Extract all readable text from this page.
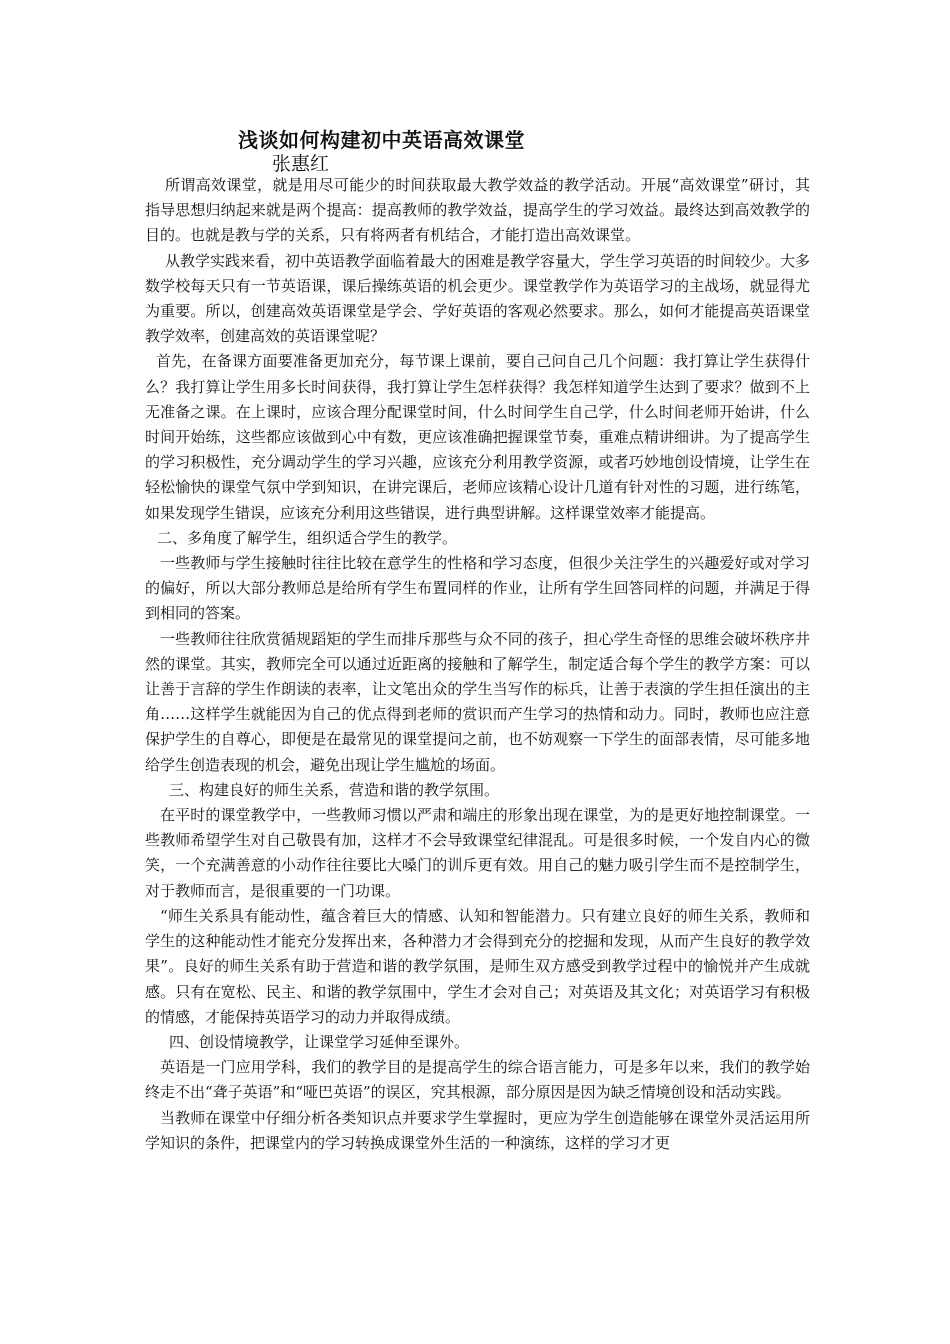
浅谈如何构建初中英语高效课堂
张惠红

所谓高效课堂，就是用尽可能少的时间获取最大教学效益的教学活动。开展“高效课堂”研讨，其指导思想归纳起来就是两个提高：提高教师的教学效益，提高学生的学习效益。最终达到高效教学的目的。也就是教与学的关系，只有将两者有机结合，才能打造出高效课堂。

从教学实践来看，初中英语教学面临着最大的困难是教学容量大，学生学习英语的时间较少。大多数学校每天只有一节英语课，课后操练英语的机会更少。课堂教学作为英语学习的主战场，就显得尤为重要。所以，创建高效英语课堂是学会、学好英语的客观必然要求。那么，如何才能提高英语课堂教学效率，创建高效的英语课堂呢？

首先，在备课方面要准备更加充分，每节课上课前，要自己问自己几个问题：我打算让学生获得什么？我打算让学生用多长时间获得，我打算让学生怎样获得？我怎样知道学生达到了要求？做到不上无准备之课。在上课时，应该合理分配课堂时间，什么时间学生自己学，什么时间老师开始讲，什么时间开始练，这些都应该做到心中有数，更应该准确把握课堂节奏，重难点精讲细讲。为了提高学生的学习积极性，充分调动学生的学习兴趣，应该充分利用教学资源，或者巧妙地创设情境，让学生在轻松愉快的课堂气氛中学到知识，在讲完课后，老师应该精心设计几道有针对性的习题，进行练笔，如果发现学生错误，应该充分利用这些错误，进行典型讲解。这样课堂效率才能提高。

二、多角度了解学生，组织适合学生的教学。

一些教师与学生接触时往往比较在意学生的性格和学习态度，但很少关注学生的兴趣爱好或对学习的偏好，所以大部分教师总是给所有学生布置同样的作业，让所有学生回答同样的问题，并满足于得到相同的答案。

一些教师往往欣赏循规蹈矩的学生而排斥那些与众不同的孩子，担心学生奇怪的思维会破坏秩序井然的课堂。其实，教师完全可以通过近距离的接触和了解学生，制定适合每个学生的教学方案：可以让善于言辞的学生作朗读的表率，让文笔出众的学生当写作的标兵，让善于表演的学生担任演出的主角……这样学生就能因为自己的优点得到老师的赏识而产生学习的热情和动力。同时，教师也应注意保护学生的自尊心，即便是在最常见的课堂提问之前，也不妨观察一下学生的面部表情，尽可能多地给学生创造表现的机会，避免出现让学生尴尬的场面。

三、构建良好的师生关系，营造和谐的教学氛围。

在平时的课堂教学中，一些教师习惯以严肃和端庄的形象出现在课堂，为的是更好地控制课堂。一些教师希望学生对自己敬畏有加，这样才不会导致课堂纪律混乱。可是很多时候，一个发自内心的微笑，一个充满善意的小动作往往要比大嗓门的训斥更有效。用自己的魅力吸引学生而不是控制学生，对于教师而言，是很重要的一门功课。

“师生关系具有能动性，蕴含着巨大的情感、认知和智能潜力。只有建立良好的师生关系，教师和学生的这种能动性才能充分发挥出来，各种潜力才会得到充分的挖掘和发现，从而产生良好的教学效果”。良好的师生关系有助于营造和谐的教学氛围，是师生双方感受到教学过程中的愉悦并产生成就感。只有在宽松、民主、和谐的教学氛围中，学生才会对自己；对英语及其文化；对英语学习有积极的情感，才能保持英语学习的动力并取得成绩。

四、创设情境教学，让课堂学习延伸至课外。

英语是一门应用学科，我们的教学目的是提高学生的综合语言能力，可是多年以来，我们的教学始终走不出“聋子英语”和“哑巴英语”的误区，究其根源，部分原因是因为缺乏情境创设和活动实践。

当教师在课堂中仔细分析各类知识点并要求学生掌握时，更应为学生创造能够在课堂外灵活运用所学知识的条件，把课堂内的学习转换成课堂外生活的一种演练，这样的学习才更
